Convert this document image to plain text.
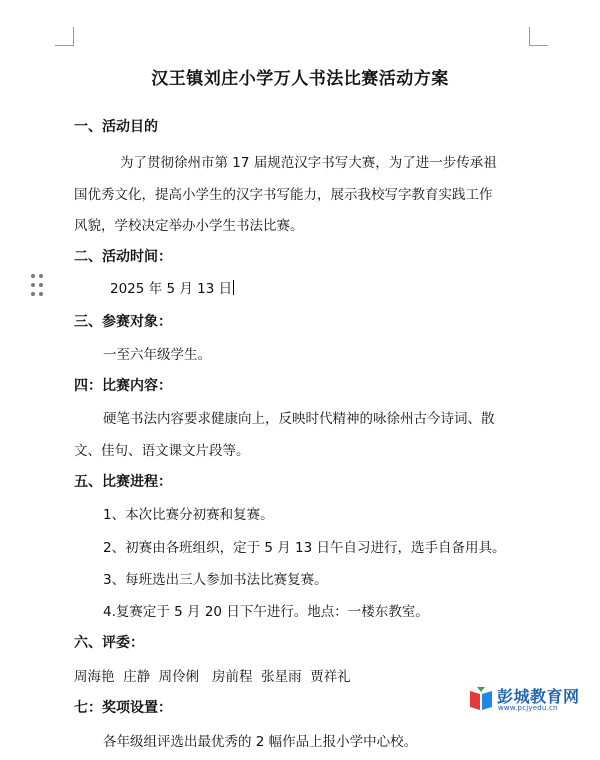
汉王镇刘庄小学万人书法比赛活动方案
一、活动目的
为了贯彻徐州市第 17 届规范汉字书写大赛，为了进一步传承祖
国优秀文化，提高小学生的汉字书写能力，展示我校写字教育实践工作
风貌，学校决定举办小学生书法比赛。
二、活动时间：
2025 年 5 月 13 日
三、参赛对象：
一至六年级学生。
四：比赛内容：
硬笔书法内容要求健康向上，反映时代精神的咏徐州古今诗词、散
文、佳句、语文课文片段等。
五、比赛进程：
1、本次比赛分初赛和复赛。
2、初赛由各班组织，定于 5 月 13 日午自习进行，选手自备用具。
3、每班选出三人参加书法比赛复赛。
4.复赛定于 5 月 20 日下午进行。地点：一楼东教室。
六、评委：
周海艳  庄静  周伶俐   房前程  张星雨  贾祥礼
七：奖项设置：
各年级组评选出最优秀的 2 幅作品上报小学中心校。
彭城教育网
www.pcjyedu.cn
